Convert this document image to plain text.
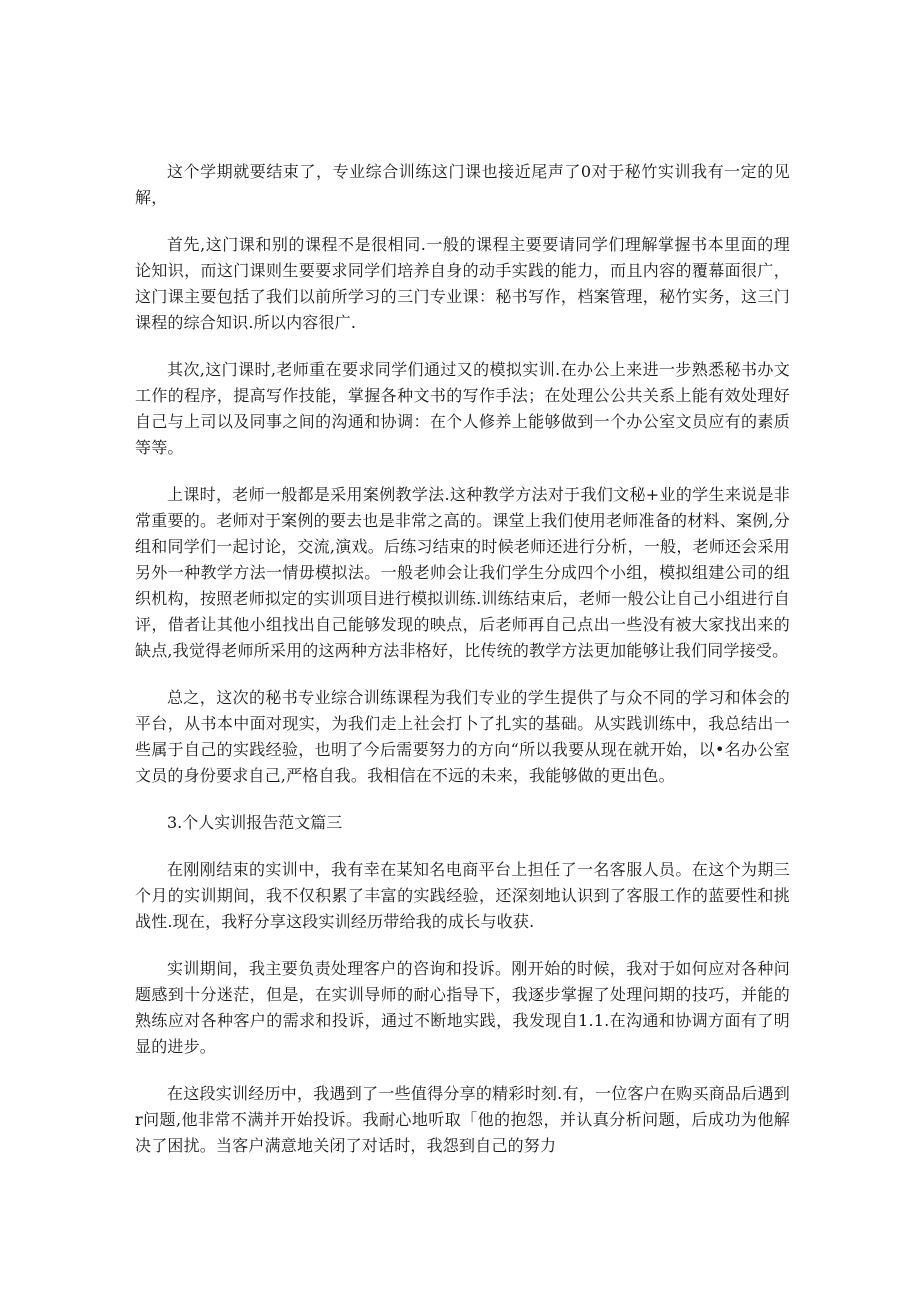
这个学期就要结束了，专业综合训练这门课也接近尾声了0对于秘竹实训我有一定的见解，

首先,这门课和别的课程不是很相同.一般的课程主要要请同学们理解掌握书本里面的理论知识，而这门课则生要要求同学们培养自身的动手实践的能力，而且内容的覆幕面很广，这门课主要包括了我们以前所学习的三门专业课：秘书写作，档案管理，秘竹实务，这三门课程的综合知识.所以内容很广.

其次,这门课时,老师重在要求同学们通过又的模拟实训.在办公上来进一步熟悉秘书办文工作的程序，提高写作技能，掌握各种文书的写作手法；在处理公公共关系上能有效处理好自己与上司以及同事之间的沟通和协调：在个人修养上能够做到一个办公室文员应有的素质等等。

上课时，老师一般都是采用案例教学法.这种教学方法对于我们文秘+业的学生来说是非常重要的。老师对于案例的要去也是非常之高的。课堂上我们使用老师准备的材料、案例,分组和同学们一起讨论，交流,演戏。后练习结束的时候老师还进行分析，一般，老师还会采用另外一种教学方法一情毋模拟法。一般老帅会让我们学生分成四个小组，模拟组建公司的组织机构，按照老师拟定的实训项目进行模拟训练.训练结束后，老师一般公让自己小组进行自评，借者让其他小组找出自己能够发现的映点，后老师再自己点出一些没有被大家找出来的缺点,我觉得老师所采用的这两种方法非格好，比传统的教学方法更加能够让我们同学接受。

总之，这次的秘书专业综合训练课程为我们专业的学生提供了与众不同的学习和体会的平台，从书本中面对现实，为我们走上社会打卜了扎实的基础。从实践训练中，我总结出一些属于自己的实践经验，也明了今后需要努力的方向“所以我要从现在就开始，以•名办公室文员的身份要求自己,严格自我。我相信在不远的未来，我能够做的更出色。

3.个人实训报告范文篇三

在刚刚结束的实训中，我有幸在某知名电商平台上担任了一名客服人员。在这个为期三个月的实训期间，我不仅积累了丰富的实践经验，还深刻地认识到了客服工作的蓝要性和挑战性.现在，我籽分享这段实训经历带给我的成长与收获.

实训期间，我主要负责处理客户的咨询和投诉。刚开始的时候，我对于如何应对各种问题感到十分迷茫，但是，在实训导师的耐心指导下，我逐步掌握了处理问期的技巧，并能的熟练应对各种客户的需求和投诉，通过不断地实践，我发现自1.1.在沟通和协调方面有了明显的进步。

在这段实训经历中，我遇到了一些值得分享的精彩时刻.有，一位客户在购买商品后遇到r问题,他非常不满并开始投诉。我耐心地听取「他的抱怨，并认真分析问题，后成功为他解决了困扰。当客户满意地关闭了对话时，我怨到自己的努力
